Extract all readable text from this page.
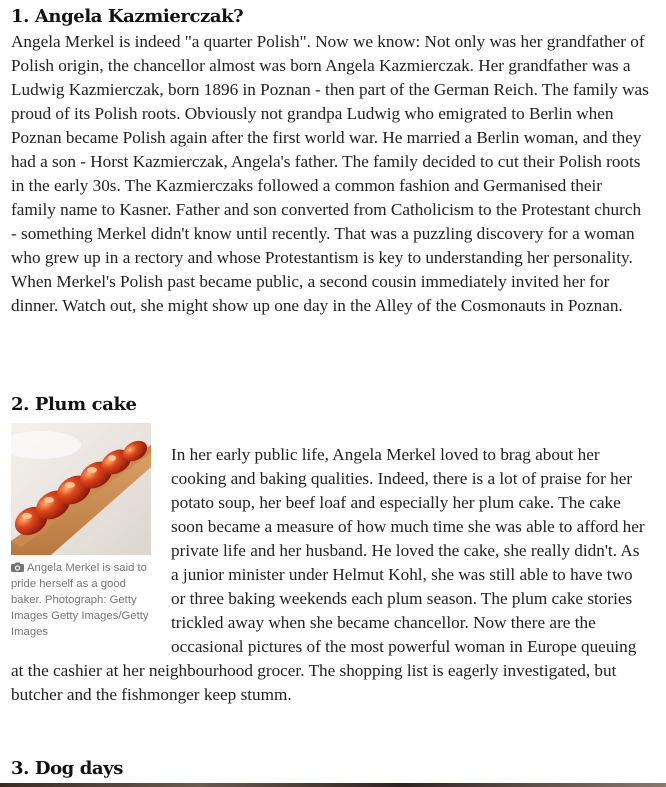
1. Angela Kazmierczak?

Angela Merkel is indeed "a quarter Polish". Now we know: Not only was her grandfather of Polish origin, the chancellor almost was born Angela Kazmierczak. Her grandfather was a Ludwig Kazmierczak, born 1896 in Poznan - then part of the German Reich. The family was proud of its Polish roots. Obviously not grandpa Ludwig who emigrated to Berlin when Poznan became Polish again after the first world war. He married a Berlin woman, and they had a son - Horst Kazmierczak, Angela's father. The family decided to cut their Polish roots in the early 30s. The Kazmierczaks followed a common fashion and Germanised their family name to Kasner. Father and son converted from Catholicism to the Protestant church - something Merkel didn't know until recently. That was a puzzling discovery for a woman who grew up in a rectory and whose Protestantism is key to understanding her personality. When Merkel's Polish past became public, a second cousin immediately invited her for dinner. Watch out, she might show up one day in the Alley of the Cosmonauts in Poznan.

2. Plum cake
Angela Merkel is said to pride herself as a good baker. Photograph: Getty Images Getty Images/Getty Images

In her early public life, Angela Merkel loved to brag about her cooking and baking qualities. Indeed, there is a lot of praise for her potato soup, her beef loaf and especially her plum cake. The cake soon became a measure of how much time she was able to afford her private life and her husband. He loved the cake, she really didn't. As a junior minister under Helmut Kohl, she was still able to have two or three baking weekends each plum season. The plum cake stories trickled away when she became chancellor. Now there are the occasional pictures of the most powerful woman in Europe queuing at the cashier at her neighbourhood grocer. The shopping list is eagerly investigated, but butcher and the fishmonger keep stumm.

3. Dog days
